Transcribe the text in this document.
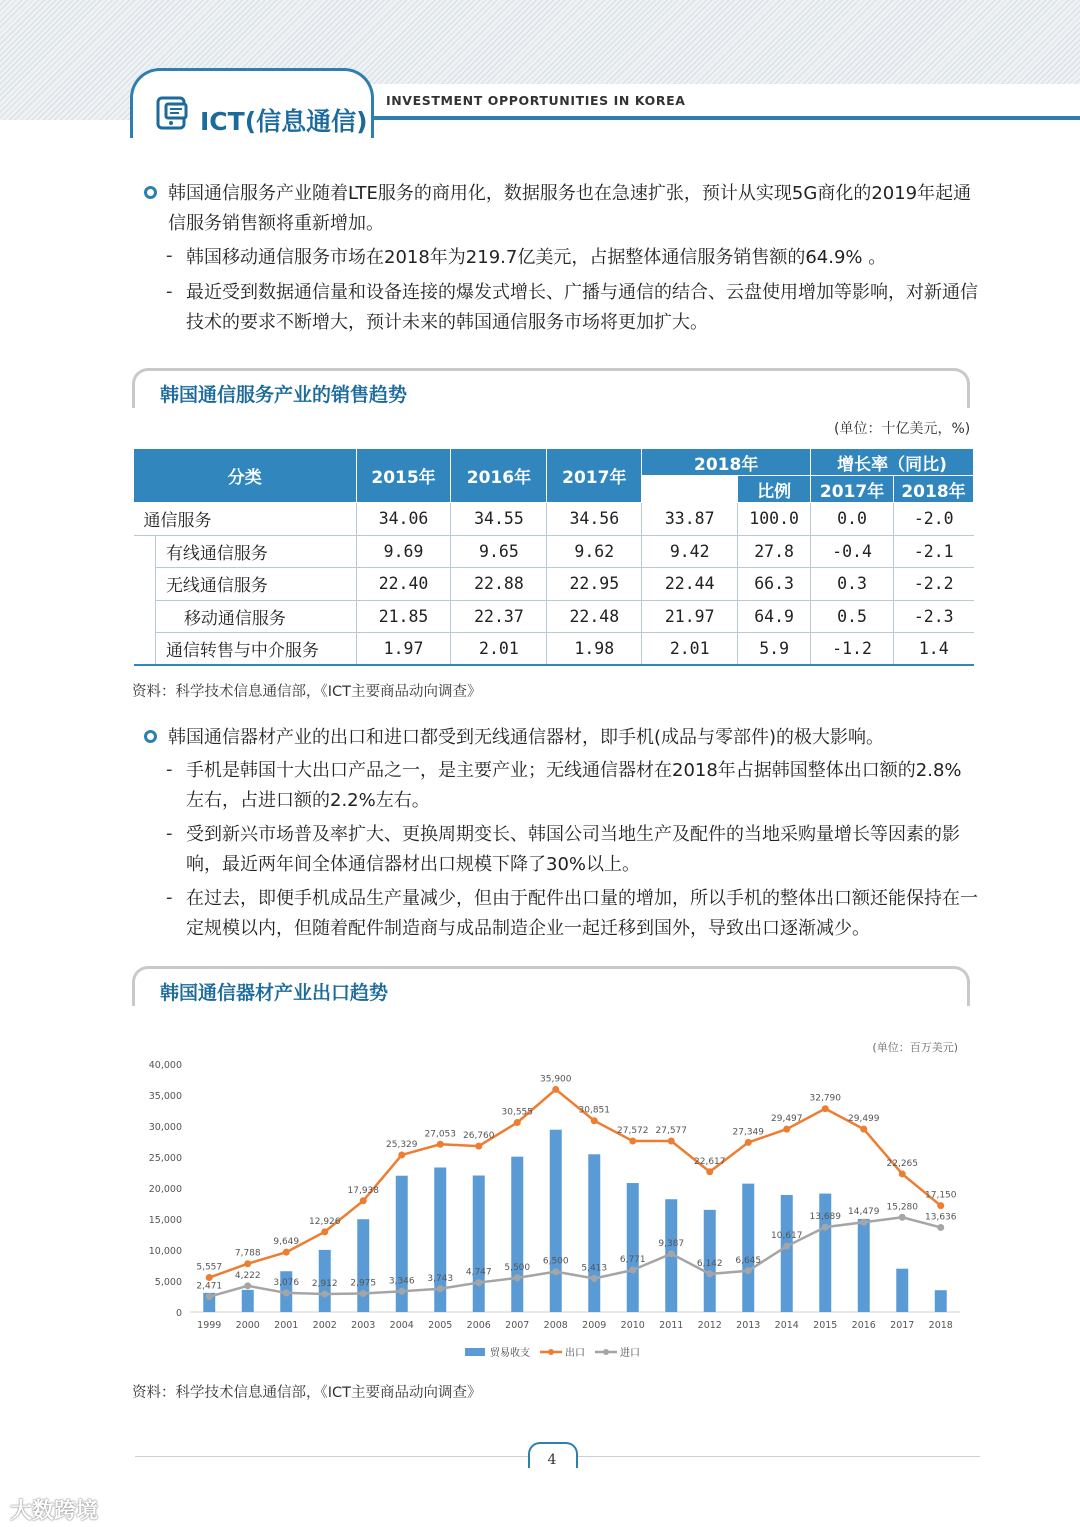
ICT(信息通信)
INVESTMENT OPPORTUNITIES IN KOREA
韩国通信服务产业随着LTE服务的商用化，数据服务也在急速扩张，预计从实现5G商化的2019年起通信服务销售额将重新增加。
- 韩国移动通信服务市场在2018年为219.7亿美元，占据整体通信服务销售额的64.9% 。
- 最近受到数据通信量和设备连接的爆发式增长、广播与通信的结合、云盘使用增加等影响，对新通信技术的要求不断增大，预计未来的韩国通信服务市场将更加扩大。
韩国通信服务产业的销售趋势
(单位：十亿美元，%)
分类		2015年	2016年	2017年	2018年		增长率（同比)	
						比例	2017年	2018年
通信服务		34.06	34.55	34.56	33.87	100.0	0.0	-2.0
	有线通信服务	9.69	9.65	9.62	9.42	27.8	-0.4	-2.1
	无线通信服务	22.40	22.88	22.95	22.44	66.3	0.3	-2.2
	移动通信服务	21.85	22.37	22.48	21.97	64.9	0.5	-2.3
	通信转售与中介服务	1.97	2.01	1.98	2.01	5.9	-1.2	1.4
资料：科学技术信息通信部，《ICT主要商品动向调查》
韩国通信器材产业的出口和进口都受到无线通信器材，即手机(成品与零部件)的极大影响。
- 手机是韩国十大出口产品之一，是主要产业；无线通信器材在2018年占据韩国整体出口额的2.8%左右，占进口额的2.2%左右。
- 受到新兴市场普及率扩大、更换周期变长、韩国公司当地生产及配件的当地采购量增长等因素的影响，最近两年间全体通信器材出口规模下降了30%以上。
- 在过去，即便手机成品生产量减少，但由于配件出口量的增加，所以手机的整体出口额还能保持在一定规模以内，但随着配件制造商与成品制造企业一起迁移到国外，导致出口逐渐减少。
韩国通信器材产业出口趋势
(单位：百万美元)
0
5,000
10,000
15,000
20,000
25,000
30,000
35,000
40,000
1999 2000 2001 2002 2003 2004 2005 2006 2007 2008 2009 2010 2011 2012 2013 2014 2015 2016 2017 2018
5,557
7,788
9,649
12,926
17,938
25,329
27,053 26,760
30,555
35,900
30,851
27,572 27,577
22,617
27,349
29,497
32,790
29,499
22,265
17,150
2,471
4,222
3,076 2,912 2,975 3,346 3,743
4,747 5,500
6,500
5,413
6,771
9,387
6,142 6,645
10,617
13,689 14,479 15,280
13,636
贸易收支	出口	进口
资料：科学技术信息通信部，《ICT主要商品动向调查》
4
大数跨境
